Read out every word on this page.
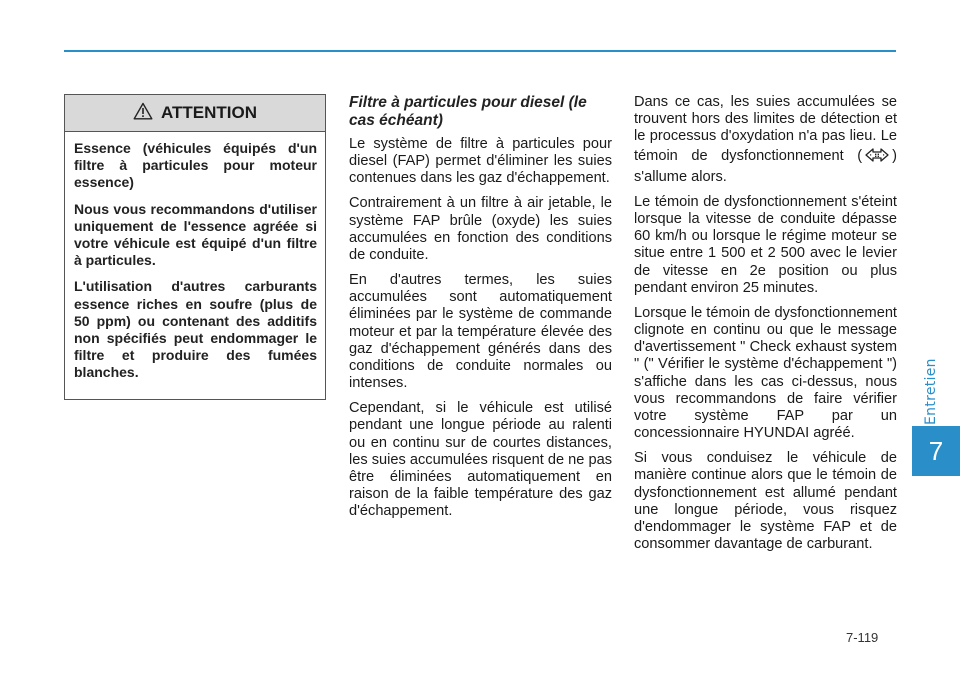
Entretien
7
ATTENTION

Essence (véhicules équipés d'un filtre à particules pour moteur essence)

Nous vous recommandons d'utiliser uniquement de l'essence agréée si votre véhicule est équipé d'un filtre à particules.

L'utilisation d'autres carburants essence riches en soufre (plus de 50 ppm) ou contenant des additifs non spécifiés peut endommager le filtre et produire des fumées blanches.

Filtre à particules pour diesel (le cas échéant)

Le système de filtre à particules pour diesel (FAP) permet d'éliminer les suies contenues dans les gaz d'échappement.

Contrairement à un filtre à air jetable, le système FAP brûle (oxyde) les suies accumulées en fonction des conditions de conduite.

En d'autres termes, les suies accumulées sont automatiquement éliminées par le système de commande moteur et par la température élevée des gaz d'échappement générés dans des conditions de conduite normales ou intenses.

Cependant, si le véhicule est utilisé pendant une longue période au ralenti ou en continu sur de courtes distances, les suies accumulées risquent de ne pas être éliminées automatiquement en raison de la faible température des gaz d'échappement.

Dans ce cas, les suies accumulées se trouvent hors des limites de détection et le processus d'oxydation n'a pas lieu. Le témoin de dysfonctionnement ( ) s'allume alors.

Le témoin de dysfonctionnement s'éteint lorsque la vitesse de conduite dépasse 60 km/h ou lorsque le régime moteur se situe entre 1 500 et 2 500 avec le levier de vitesse en 2e position ou plus pendant environ 25 minutes.

Lorsque le témoin de dysfonctionnement clignote en continu ou que le message d'avertissement " Check exhaust system " (" Vérifier le système d'échappement ") s'affiche dans les cas ci-dessus, nous vous recommandons de faire vérifier votre système FAP par un concessionnaire HYUNDAI agréé.

Si vous conduisez le véhicule de manière continue alors que le témoin de dysfonctionnement est allumé pendant une longue période, vous risquez d'endommager le système FAP et de consommer davantage de carburant.

7-119
